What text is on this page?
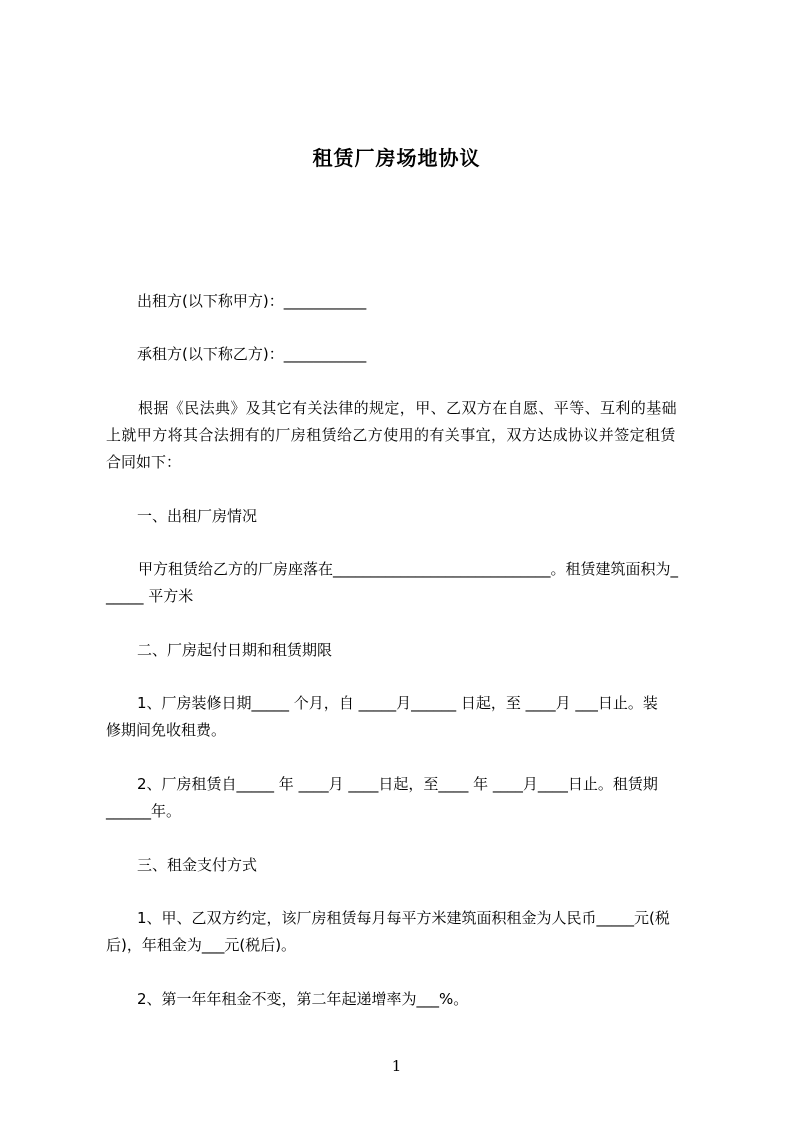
租赁厂房场地协议
出租方(以下称甲方)：___________
承租方(以下称乙方)：___________
根据《民法典》及其它有关法律的规定，甲、乙双方在自愿、平等、互利的基础
上就甲方将其合法拥有的厂房租赁给乙方使用的有关事宜，双方达成协议并签定租赁
合同如下：
一、出租厂房情况
甲方租赁给乙方的厂房座落在_____________________________。租赁建筑面积为_
_____ 平方米
二、厂房起付日期和租赁期限
1、厂房装修日期_____ 个月，自 _____月______ 日起，至 ____月 ___日止。装
修期间免收租费。
2、厂房租赁自_____ 年 ____月 ____日起，至____ 年 ____月____日止。租赁期
______年。
三、租金支付方式
1、甲、乙双方约定，该厂房租赁每月每平方米建筑面积租金为人民币_____元(税
后)，年租金为___元(税后)。
2、第一年年租金不变，第二年起递增率为___%。
1
